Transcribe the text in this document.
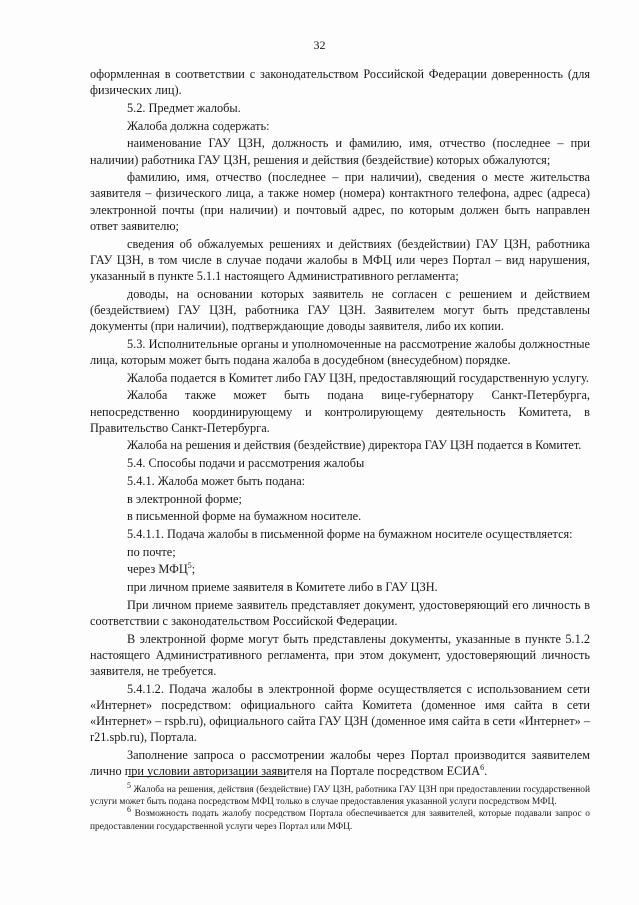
32

оформленная в соответствии с законодательством Российской Федерации доверенность (для физических лиц).

5.2. Предмет жалобы.

Жалоба должна содержать:

наименование ГАУ ЦЗН, должность и фамилию, имя, отчество (последнее – при наличии) работника ГАУ ЦЗН, решения и действия (бездействие) которых обжалуются;

фамилию, имя, отчество (последнее – при наличии), сведения о месте жительства заявителя – физического лица, а также номер (номера) контактного телефона, адрес (адреса) электронной почты (при наличии) и почтовый адрес, по которым должен быть направлен ответ заявителю;

сведения об обжалуемых решениях и действиях (бездействии) ГАУ ЦЗН, работника ГАУ ЦЗН, в том числе в случае подачи жалобы в МФЦ или через Портал – вид нарушения, указанный в пункте 5.1.1 настоящего Административного регламента;

доводы, на основании которых заявитель не согласен с решением и действием (бездействием) ГАУ ЦЗН, работника ГАУ ЦЗН. Заявителем могут быть представлены документы (при наличии), подтверждающие доводы заявителя, либо их копии.

5.3. Исполнительные органы и уполномоченные на рассмотрение жалобы должностные лица, которым может быть подана жалоба в досудебном (внесудебном) порядке.

Жалоба подается в Комитет либо ГАУ ЦЗН, предоставляющий государственную услугу.

Жалоба также может быть подана вице-губернатору Санкт-Петербурга, непосредственно координирующему и контролирующему деятельность Комитета, в Правительство Санкт-Петербурга.

Жалоба на решения и действия (бездействие) директора ГАУ ЦЗН подается в Комитет.

5.4. Способы подачи и рассмотрения жалобы

5.4.1. Жалоба может быть подана:

в электронной форме;

в письменной форме на бумажном носителе.

5.4.1.1. Подача жалобы в письменной форме на бумажном носителе осуществляется:

по почте;

через МФЦ$^5$;

при личном приеме заявителя в Комитете либо в ГАУ ЦЗН.

При личном приеме заявитель представляет документ, удостоверяющий его личность в соответствии с законодательством Российской Федерации.

В электронной форме могут быть представлены документы, указанные в пункте 5.1.2 настоящего Административного регламента, при этом документ, удостоверяющий личность заявителя, не требуется.

5.4.1.2. Подача жалобы в электронной форме осуществляется с использованием сети «Интернет» посредством: официального сайта Комитета (доменное имя сайта в сети «Интернет» – rspb.ru), официального сайта ГАУ ЦЗН (доменное имя сайта в сети «Интернет» – r21.spb.ru), Портала.

Заполнение запроса о рассмотрении жалобы через Портал производится заявителем лично при условии авторизации заявителя на Портале посредством ЕСИА$^6$.

$^5$ Жалоба на решения, действия (бездействие) ГАУ ЦЗН, работника ГАУ ЦЗН при предоставлении государственной услуги может быть подана посредством МФЦ только в случае предоставления указанной услуги посредством МФЦ.

$^6$ Возможность подать жалобу посредством Портала обеспечивается для заявителей, которые подавали запрос о предоставлении государственной услуги через Портал или МФЦ.
